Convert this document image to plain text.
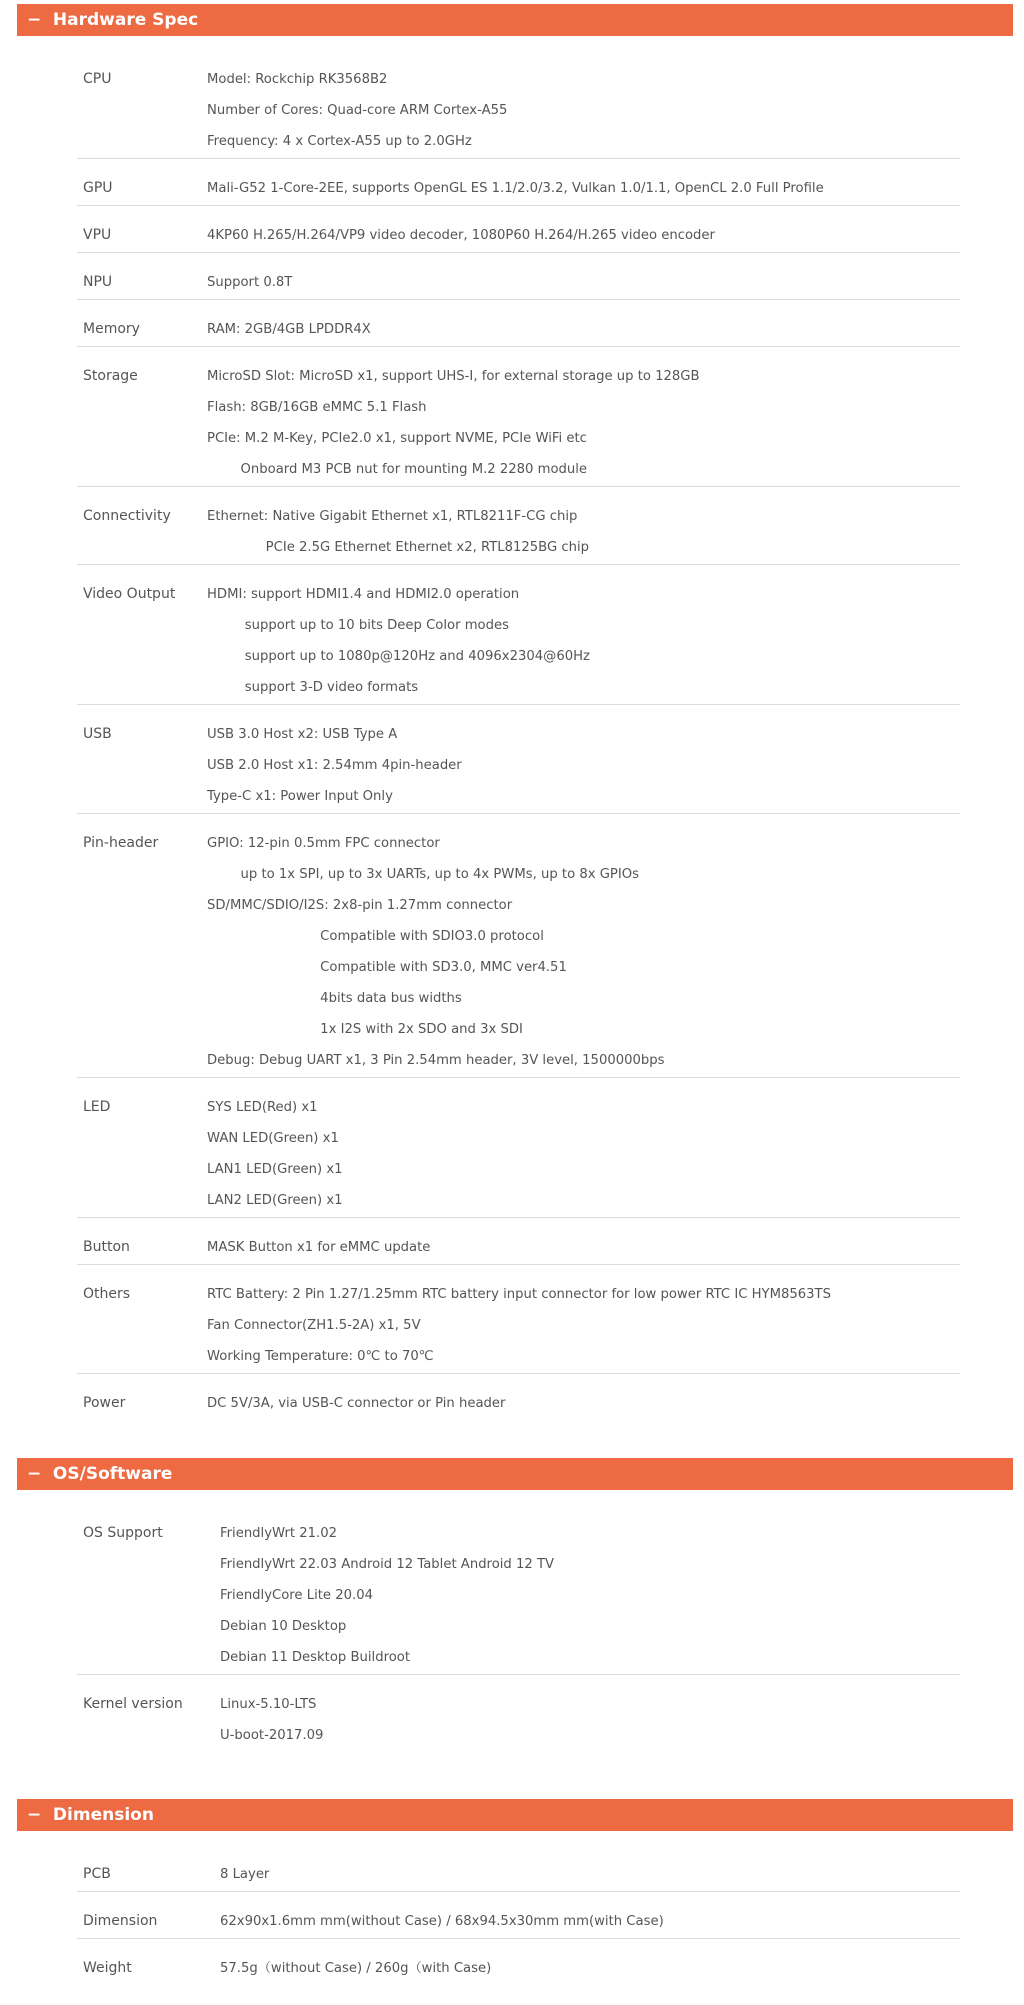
− Hardware Spec
CPU	Model: Rockchip RK3568B2
Number of Cores: Quad-core ARM Cortex-A55
Frequency: 4 x Cortex-A55 up to 2.0GHz
GPU	Mali-G52 1-Core-2EE, supports OpenGL ES 1.1/2.0/3.2, Vulkan 1.0/1.1, OpenCL 2.0 Full Profile
VPU	4KP60 H.265/H.264/VP9 video decoder, 1080P60 H.264/H.265 video encoder
NPU	Support 0.8T
Memory	RAM: 2GB/4GB LPDDR4X
Storage	MicroSD Slot: MicroSD x1, support UHS-I, for external storage up to 128GB
Flash: 8GB/16GB eMMC 5.1 Flash
PCIe: M.2 M-Key, PCIe2.0 x1, support NVME, PCIe WiFi etc
Onboard M3 PCB nut for mounting M.2 2280 module
Connectivity	Ethernet: Native Gigabit Ethernet x1, RTL8211F-CG chip
PCIe 2.5G Ethernet Ethernet x2, RTL8125BG chip
Video Output	HDMI: support HDMI1.4 and HDMI2.0 operation
support up to 10 bits Deep Color modes
support up to 1080p@120Hz and 4096x2304@60Hz
support 3-D video formats
USB	USB 3.0 Host x2: USB Type A
USB 2.0 Host x1: 2.54mm 4pin-header
Type-C x1: Power Input Only
Pin-header	GPIO: 12-pin 0.5mm FPC connector
up to 1x SPI, up to 3x UARTs, up to 4x PWMs, up to 8x GPIOs
SD/MMC/SDIO/I2S: 2x8-pin 1.27mm connector
Compatible with SDIO3.0 protocol
Compatible with SD3.0, MMC ver4.51
4bits data bus widths
1x I2S with 2x SDO and 3x SDI
Debug: Debug UART x1, 3 Pin 2.54mm header, 3V level, 1500000bps
LED	SYS LED(Red) x1
WAN LED(Green) x1
LAN1 LED(Green) x1
LAN2 LED(Green) x1
Button	MASK Button x1 for eMMC update
Others	RTC Battery: 2 Pin 1.27/1.25mm RTC battery input connector for low power RTC IC HYM8563TS
Fan Connector(ZH1.5-2A) x1, 5V
Working Temperature: 0℃ to 70℃
Power	DC 5V/3A, via USB-C connector or Pin header
− OS/Software
OS Support	FriendlyWrt 21.02
FriendlyWrt 22.03 Android 12 Tablet Android 12 TV
FriendlyCore Lite 20.04
Debian 10 Desktop
Debian 11 Desktop Buildroot
Kernel version	Linux-5.10-LTS
U-boot-2017.09
− Dimension
PCB	8 Layer
Dimension	62x90x1.6mm mm(without Case) / 68x94.5x30mm mm(with Case)
Weight	57.5g（without Case) / 260g（with Case)
